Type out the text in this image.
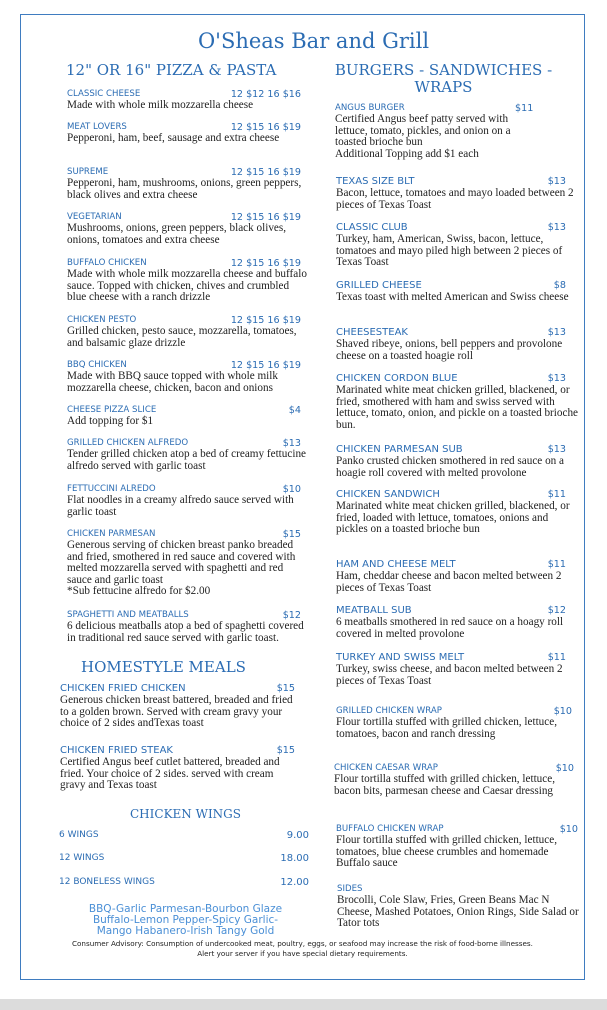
O'Sheas Bar and Grill
12" OR 16" PIZZA & PASTA
CLASSIC CHEESE	12 $12 16 $16
Made with whole milk mozzarella cheese
MEAT LOVERS	12 $15 16 $19
Pepperoni, ham, beef, sausage and extra cheese
SUPREME	12 $15 16 $19
Pepperoni, ham, mushrooms, onions, green peppers, black olives and extra cheese
VEGETARIAN	12 $15 16 $19
Mushrooms, onions, green peppers, black olives, onions, tomatoes and extra cheese
BUFFALO CHICKEN	12 $15 16 $19
Made with whole milk mozzarella cheese and buffalo sauce. Topped with chicken, chives and crumbled blue cheese with a ranch drizzle
CHICKEN PESTO	12 $15 16 $19
Grilled chicken, pesto sauce, mozzarella, tomatoes, and balsamic glaze drizzle
BBQ CHICKEN	12 $15 16 $19
Made with BBQ sauce topped with whole milk mozzarella cheese, chicken, bacon and onions
CHEESE PIZZA SLICE	$4
Add topping for $1
GRILLED CHICKEN ALFREDO	$13
Tender grilled chicken atop a bed of creamy fettucine alfredo served with garlic toast
FETTUCCINI ALREDO	$10
Flat noodles in a creamy alfredo sauce served with garlic toast
CHICKEN PARMESAN	$15
Generous serving of chicken breast panko breaded and fried, smothered in red sauce and covered with melted mozzarella served with spaghetti and red sauce and garlic toast
*Sub fettucine alfredo for $2.00
SPAGHETTI AND MEATBALLS	$12
6 delicious meatballs atop a bed of spaghetti covered in traditional red sauce served with garlic toast.
HOMESTYLE MEALS
CHICKEN FRIED CHICKEN	$15
Generous chicken breast battered, breaded and fried to a golden brown. Served with cream gravy your choice of 2 sides andTexas toast
CHICKEN FRIED STEAK	$15
Certified Angus beef cutlet battered, breaded and fried. Your choice of 2 sides. served with cream gravy and Texas toast
CHICKEN WINGS
6 WINGS	9.00
12 WINGS	18.00
12 BONELESS WINGS	12.00
BBQ-Garlic Parmesan-Bourbon Glaze
Buffalo-Lemon Pepper-Spicy Garlic-
Mango Habanero-Irish Tangy Gold
BURGERS - SANDWICHES -
WRAPS
ANGUS BURGER	$11
Certified Angus beef patty served with lettuce, tomato, pickles, and onion on a toasted brioche bun
Additional Topping add $1 each
TEXAS SIZE BLT	$13
Bacon, lettuce, tomatoes and mayo loaded between 2 pieces of Texas Toast
CLASSIC CLUB	$13
Turkey, ham, American, Swiss, bacon, lettuce, tomatoes and mayo piled high between 2 pieces of Texas Toast
GRILLED CHEESE	$8
Texas toast with melted American and Swiss cheese
CHEESESTEAK	$13
Shaved ribeye, onions, bell peppers and provolone cheese on a toasted hoagie roll
CHICKEN CORDON BLUE	$13
Marinated white meat chicken grilled, blackened, or fried, smothered with ham and swiss served with lettuce, tomato, onion, and pickle on a toasted brioche bun.
CHICKEN PARMESAN SUB	$13
Panko crusted chicken smothered in red sauce on a hoagie roll covered with melted provolone
CHICKEN SANDWICH	$11
Marinated white meat chicken grilled, blackened, or fried, loaded with lettuce, tomatoes, onions and pickles on a toasted brioche bun
HAM AND CHEESE MELT	$11
Ham, cheddar cheese and bacon melted between 2 pieces of Texas Toast
MEATBALL SUB	$12
6 meatballs smothered in red sauce on a hoagy roll covered in melted provolone
TURKEY AND SWISS MELT	$11
Turkey, swiss cheese, and bacon melted between 2 pieces of Texas Toast
GRILLED CHICKEN WRAP	$10
Flour tortilla stuffed with grilled chicken, lettuce, tomatoes, bacon and ranch dressing
CHICKEN CAESAR WRAP	$10
Flour tortilla stuffed with grilled chicken, lettuce, bacon bits, parmesan cheese and Caesar dressing
BUFFALO CHICKEN WRAP	$10
Flour tortilla stuffed with grilled chicken, lettuce, tomatoes, blue cheese crumbles and homemade Buffalo sauce
SIDES
Brocolli, Cole Slaw, Fries, Green Beans Mac N Cheese, Mashed Potatoes, Onion Rings, Side Salad or Tator tots
Consumer Advisory: Consumption of undercooked meat, poultry, eggs, or seafood may increase the risk of food-borne illnesses.
Alert your server if you have special dietary requirements.
